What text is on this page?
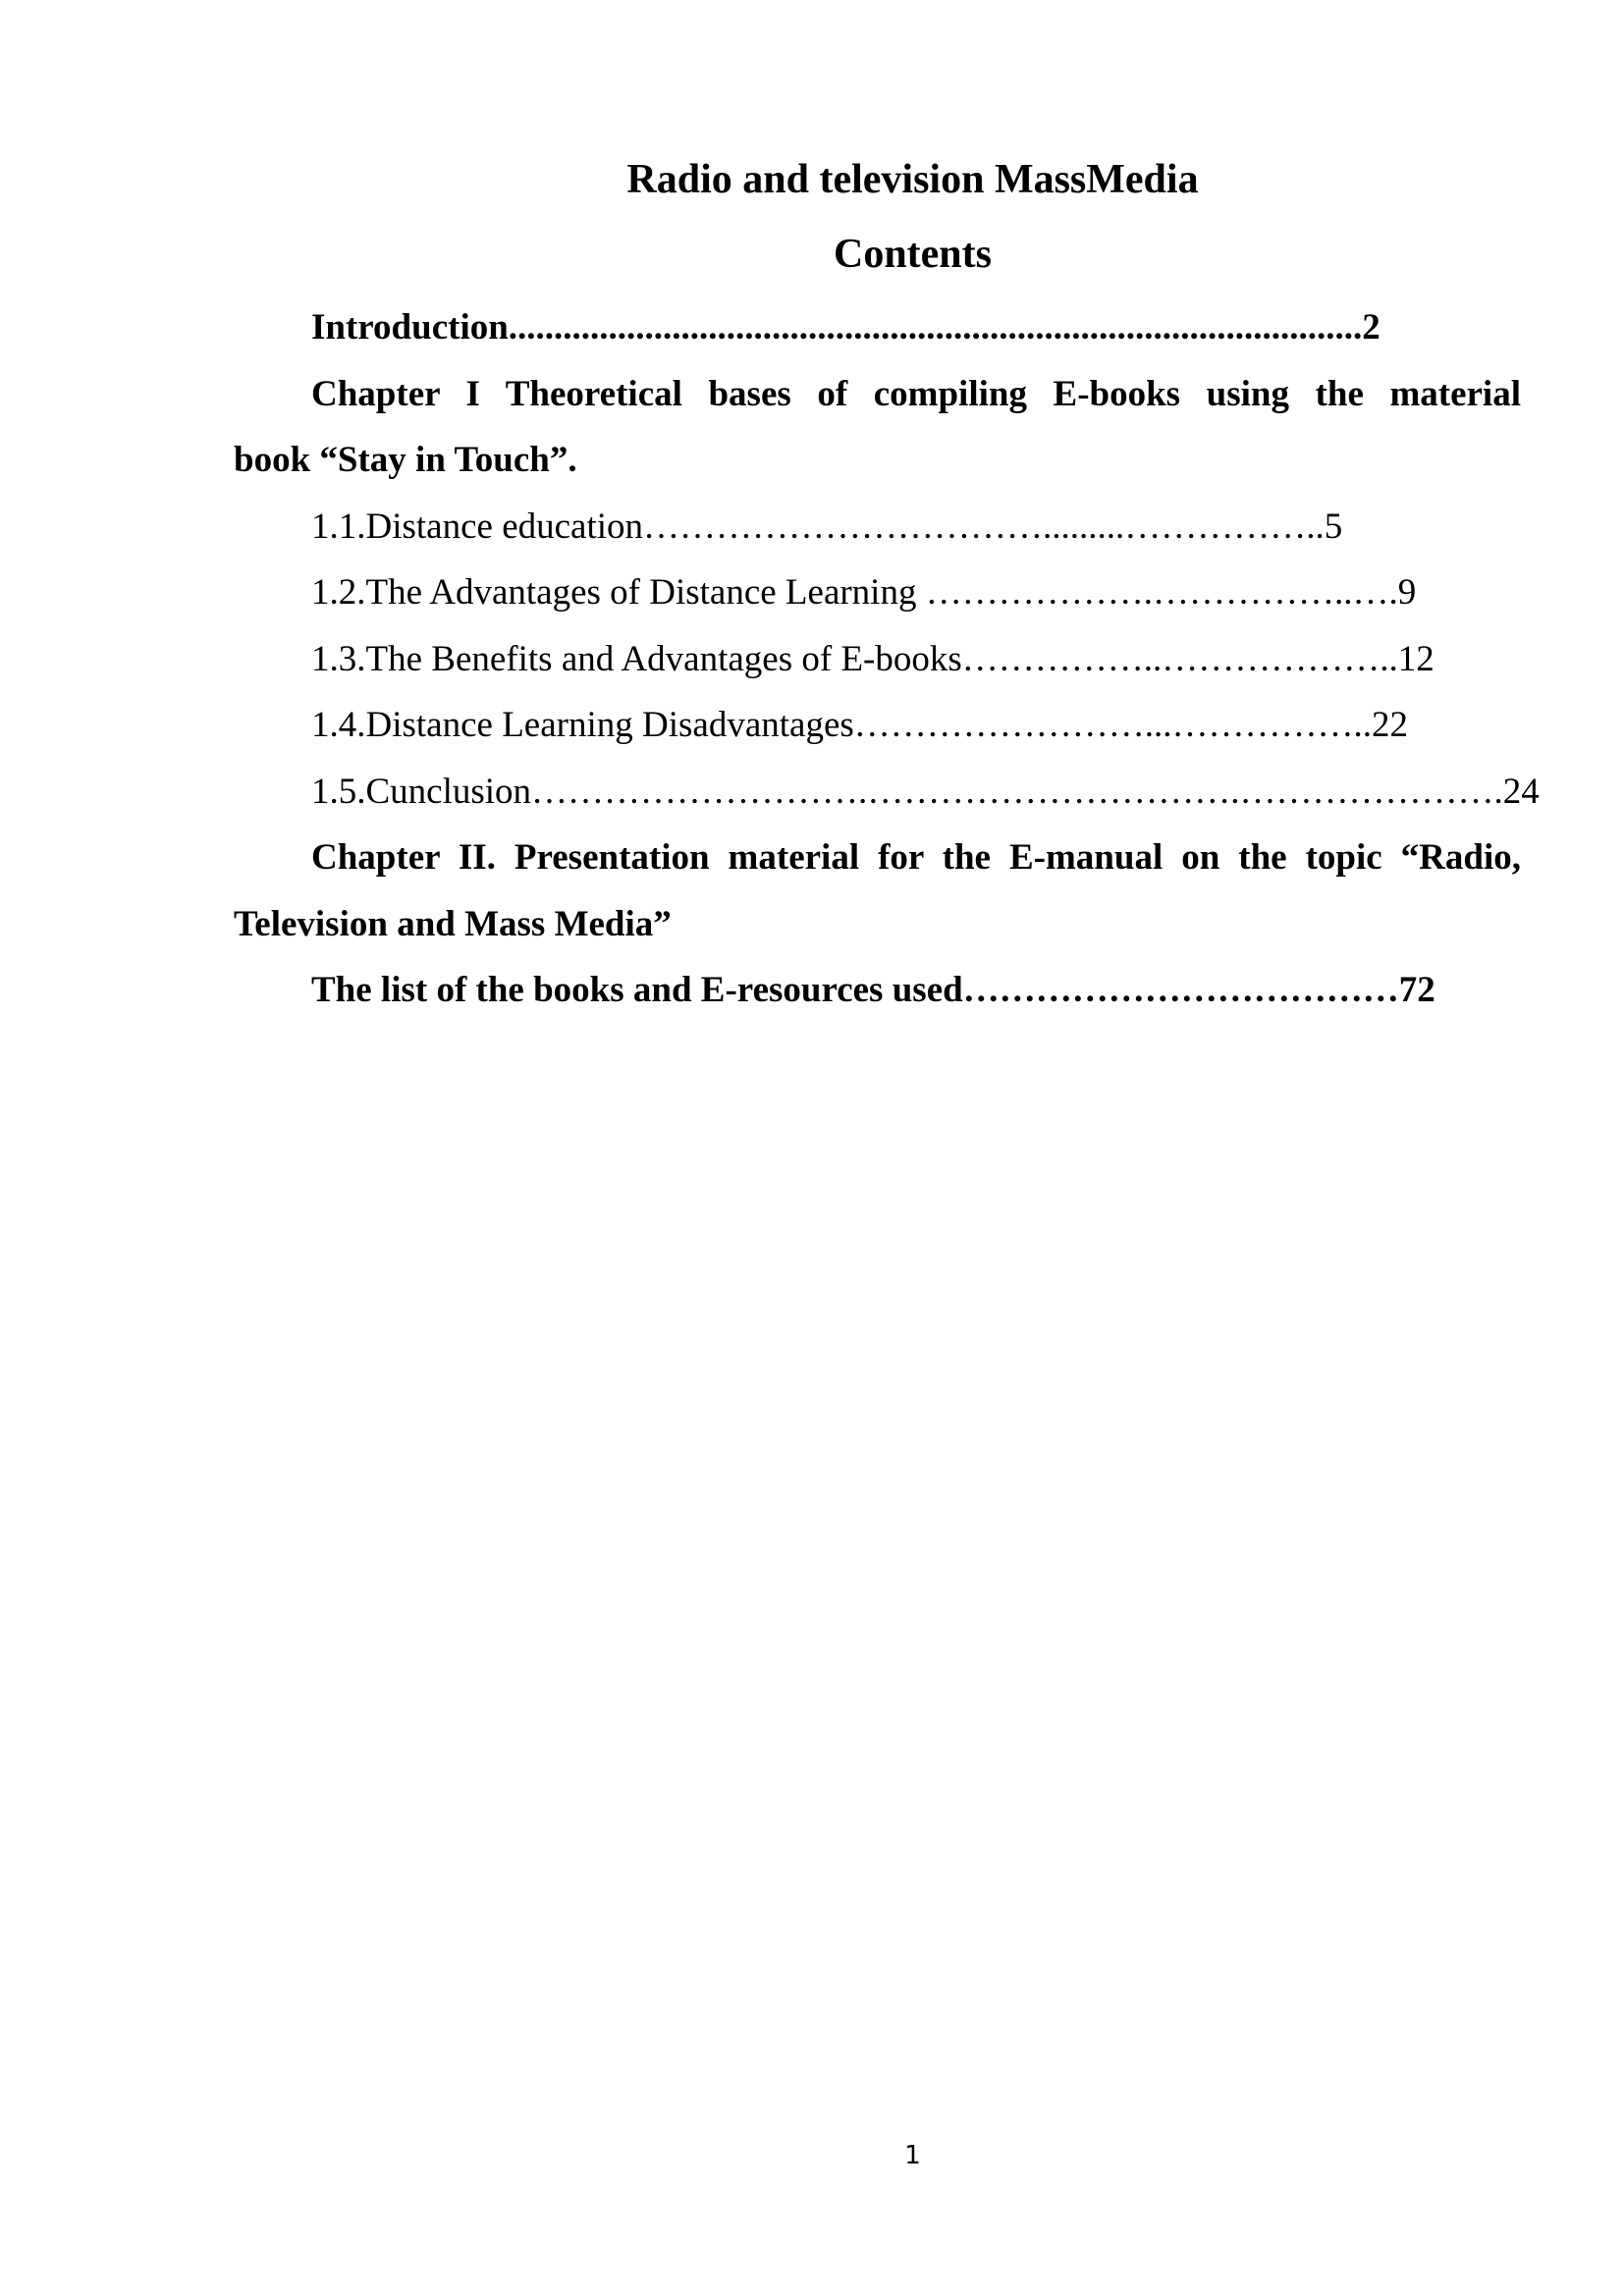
Radio and television MassMedia
Contents
Introduction..............................................................................................2
Chapter I Theoretical bases of compiling E-books using the material
book “Stay in Touch”.
1.1.Distance education…………………………….........……………..5
1.2.The Advantages of Distance Learning ……………….……………..….9
1.3.The Benefits and Advantages of E-books……………..………………..12
1.4.Distance Learning Disadvantages……………………...……………..22
1.5.Cunclusion……………………….………………………….………………….24
Chapter II. Presentation material for the E-manual on the topic “Radio,
Television and Mass Media”
The list of the books and E-resources used………………………………72
1
